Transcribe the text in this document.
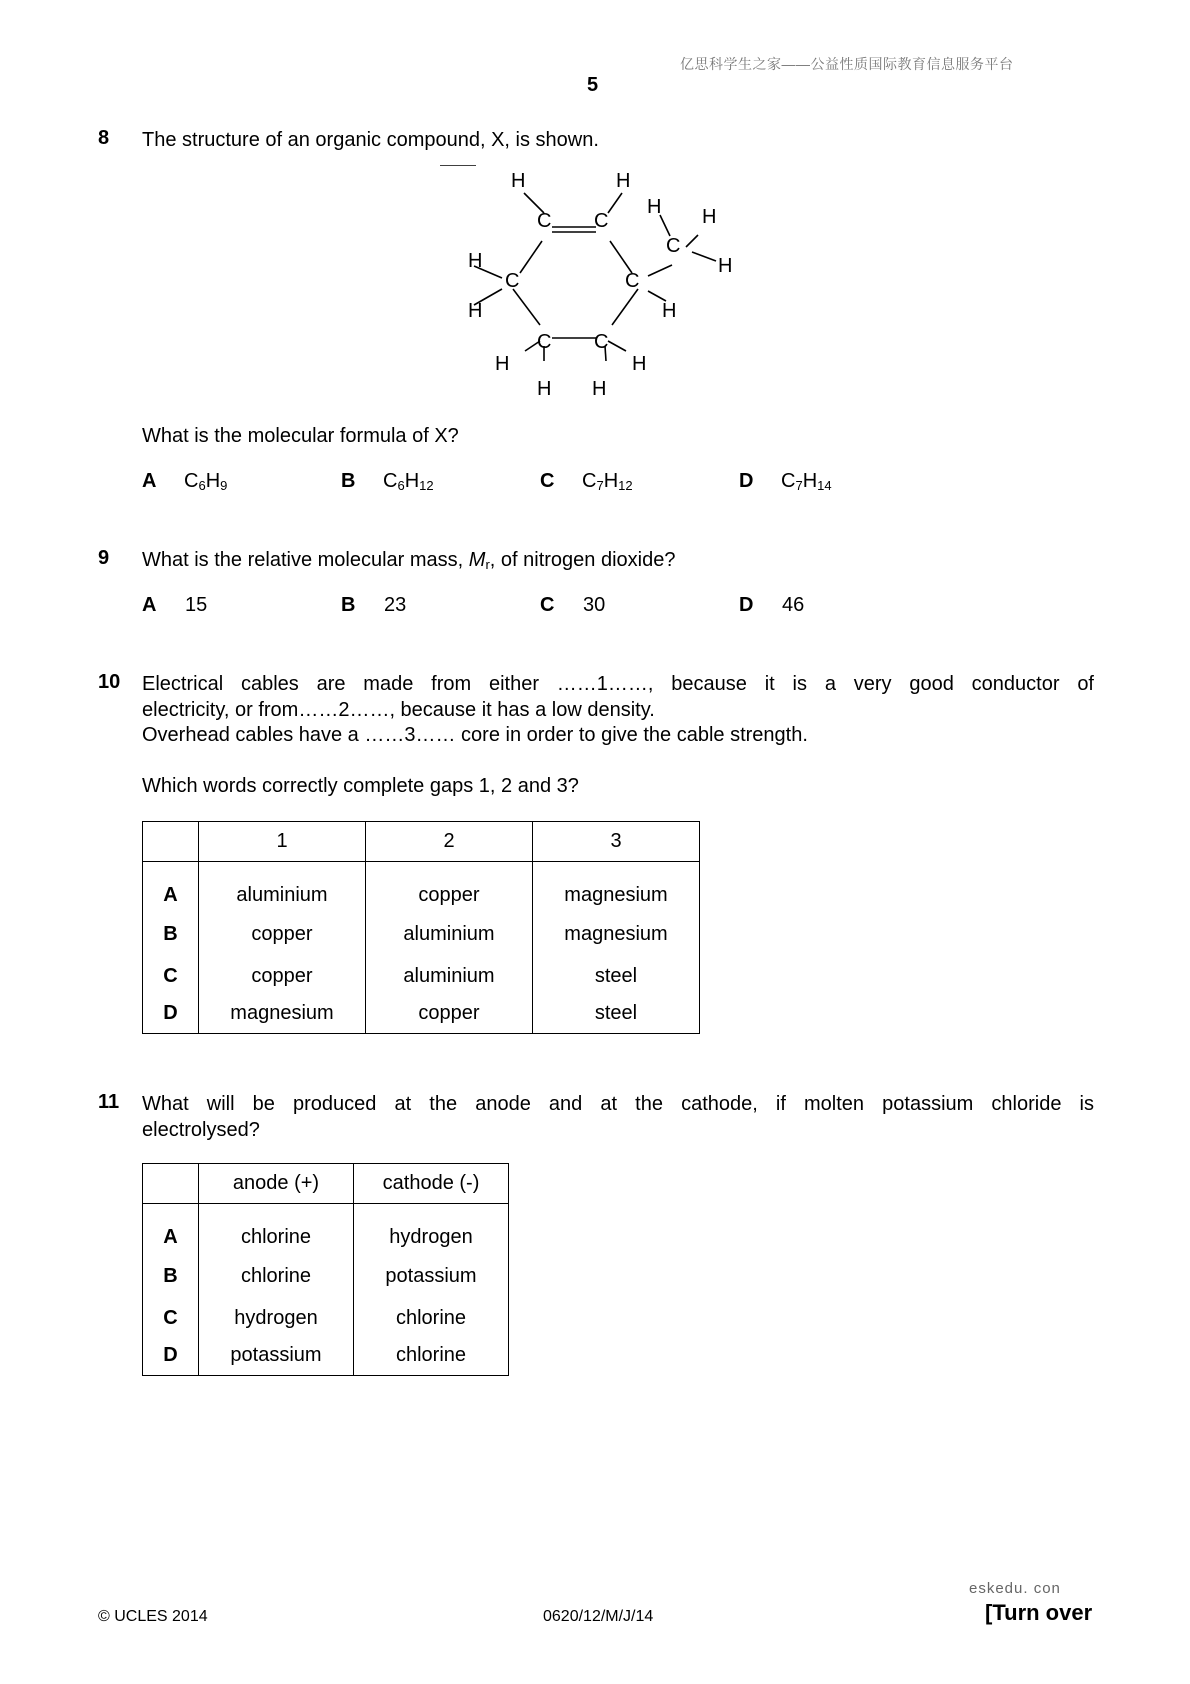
亿思科学生之家——公益性质国际教育信息服务平台
5
8 The structure of an organic compound, X, is shown.
C C
C	C
C
C C
H	H
H H
H	H
H	H
H	H
H H
What is the molecular formula of X?
A $C_6H_9$	B $C_6H_{12}$	C $C_7H_{12}$	D $C_7H_{14}$
9 What is the relative molecular mass, $M_r$, of nitrogen dioxide?
A 15	B 23	C 30	D 46
10 Electrical cables are made from either ……1……, because it is a very good conductor of
electricity, or from……2……, because it has a low density.
Overhead cables have a ……3…… core in order to give the cable strength.
Which words correctly complete gaps 1, 2 and 3?
	1	2	3
A	aluminium	copper	magnesium
B	copper	aluminium	magnesium
C	copper	aluminium	steel
D	magnesium	copper	steel
11 What will be produced at the anode and at the cathode, if molten potassium chloride is
electrolysed?
	anode (+)	cathode (-)
A	chlorine	hydrogen
B	chlorine	potassium
C	hydrogen	chlorine
D	potassium	chlorine
eskedu. con
© UCLES 2014	0620/12/M/J/14	[Turn over
